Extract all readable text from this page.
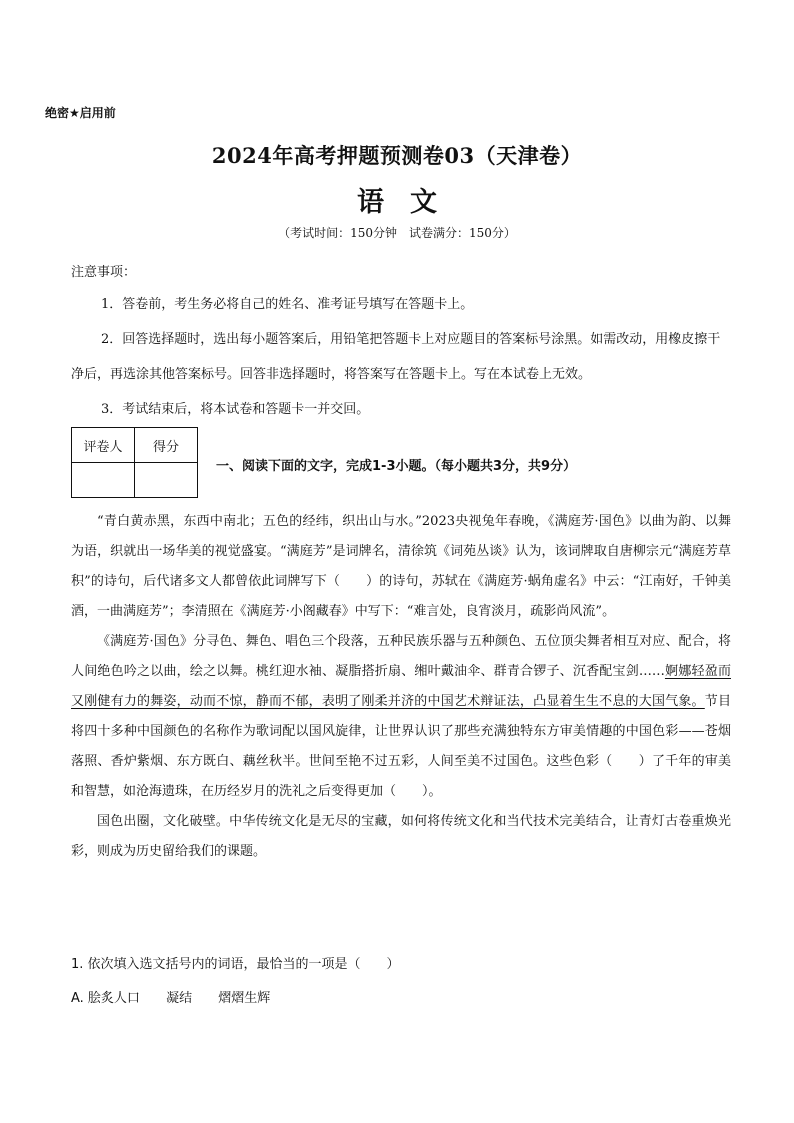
绝密★启用前
2024年高考押题预测卷03（天津卷）
语文
（考试时间：150分钟　试卷满分：150分）
注意事项：
1．答卷前，考生务必将自己的姓名、准考证号填写在答题卡上。
2．回答选择题时，选出每小题答案后，用铅笔把答题卡上对应题目的答案标号涂黑。如需改动，用橡皮擦干净后，再选涂其他答案标号。回答非选择题时，将答案写在答题卡上。写在本试卷上无效。
3．考试结束后，将本试卷和答题卡一并交回。
评卷人	得分

一、阅读下面的文字，完成1-3小题。（每小题共3分，共9分）

“青白黄赤黑，东西中南北；五色的经纬，织出山与水。”2023央视兔年春晚，《满庭芳·国色》以曲为韵、以舞为语，织就出一场华美的视觉盛宴。“满庭芳”是词牌名，清徐筑《词苑丛谈》认为，该词牌取自唐柳宗元“满庭芳草积”的诗句，后代诸多文人都曾依此词牌写下（　　）的诗句，苏轼在《满庭芳·蜗角虚名》中云：“江南好，千钟美酒，一曲满庭芳”；李清照在《满庭芳·小阁藏春》中写下：“难言处，良宵淡月，疏影尚风流”。

《满庭芳·国色》分寻色、舞色、唱色三个段落，五种民族乐器与五种颜色、五位顶尖舞者相互对应、配合，将人间绝色吟之以曲，绘之以舞。桃红迎水袖、凝脂搭折扇、缃叶戴油伞、群青合锣子、沉香配宝剑……婀娜轻盈而又刚健有力的舞姿，动而不惊，静而不郁，表明了刚柔并济的中国艺术辩证法，凸显着生生不息的大国气象。节目将四十多种中国颜色的名称作为歌词配以国风旋律，让世界认识了那些充满独特东方审美情趣的中国色彩——苍烟落照、香炉紫烟、东方既白、藕丝秋半。世间至艳不过五彩，人间至美不过国色。这些色彩（　　）了千年的审美和智慧，如沧海遗珠，在历经岁月的洗礼之后变得更加（　　）。

国色出圈，文化破壁。中华传统文化是无尽的宝藏，如何将传统文化和当代技术完美结合，让青灯古卷重焕光彩，则成为历史留给我们的课题。

1. 依次填入选文括号内的词语，最恰当的一项是（　　）
A. 脍炙人口 凝结 熠熠生辉
